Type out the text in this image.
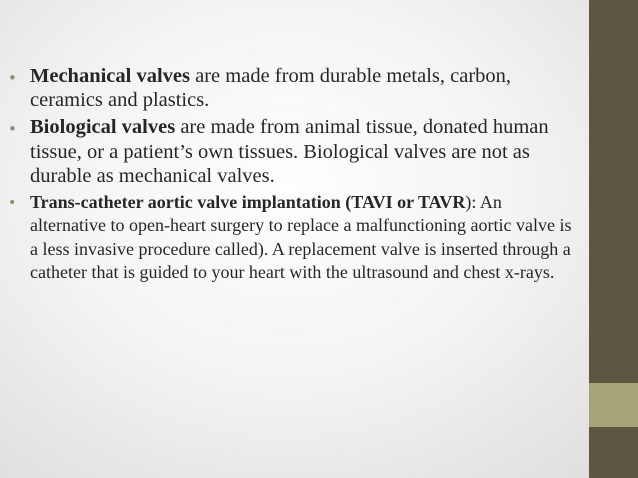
• Mechanical valves are made from durable metals, carbon, ceramics and plastics.
• Biological valves are made from animal tissue, donated human tissue, or a patient’s own tissues. Biological valves are not as durable as mechanical valves.
• Trans-catheter aortic valve implantation (TAVI or TAVR): An alternative to open-heart surgery to replace a malfunctioning aortic valve is a less invasive procedure called). A replacement valve is inserted through a catheter that is guided to your heart with the ultrasound and chest x-rays.
